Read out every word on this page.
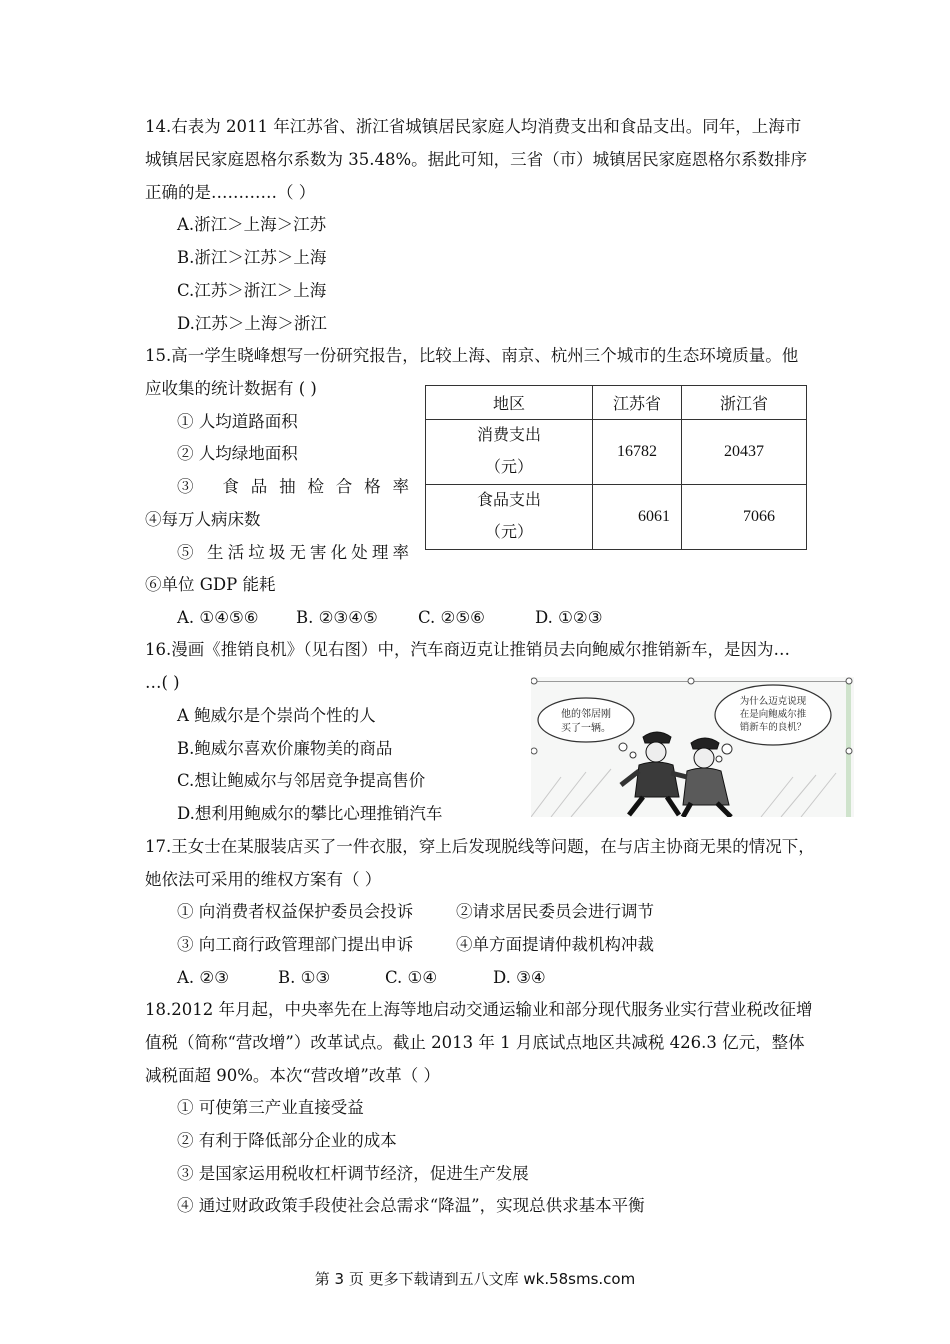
14.右表为 2011 年江苏省、浙江省城镇居民家庭人均消费支出和食品支出。同年，上海市
城镇居民家庭恩格尔系数为 35.48%。据此可知，三省（市）城镇居民家庭恩格尔系数排序
正确的是…………（ ）
A.浙江＞上海＞江苏
B.浙江＞江苏＞上海
C.江苏＞浙江＞上海
D.江苏＞上海＞浙江
15.高一学生晓峰想写一份研究报告，比较上海、南京、杭州三个城市的生态环境质量。他
应收集的统计数据有 ( )
① 人均道路面积
② 人均绿地面积
③ 食品抽检合格率
④每万人病床数
⑤ 生活垃圾无害化处理率
⑥单位 GDP 能耗
A. ①④⑤⑥ B. ②③④⑤ C. ②⑤⑥	D. ①②③
地区	江苏省	浙江省

消费支出
（元）	16782	20437

食品支出
（元）	6061	7066
16.漫画《推销良机》（见右图）中，汽车商迈克让推销员去向鲍威尔推销新车，是因为…
…( )
A 鲍威尔是个崇尚个性的人
B.鲍威尔喜欢价廉物美的商品
C.想让鲍威尔与邻居竞争提高售价
D.想利用鲍威尔的攀比心理推销汽车
他的邻居刚
买了一辆。
为什么迈克说现
在是向鲍威尔推
销新车的良机？
17.王女士在某服装店买了一件衣服，穿上后发现脱线等问题，在与店主协商无果的情况下，
她依法可采用的维权方案有（ ）
① 向消费者权益保护委员会投诉	②请求居民委员会进行调节
③ 向工商行政管理部门提出申诉	④单方面提请仲裁机构冲裁
A. ②③	B. ①③	C. ①④	D. ③④
18.2012 年月起，中央率先在上海等地启动交通运输业和部分现代服务业实行营业税改征增
值税（简称“营改增”）改革试点。截止 2013 年 1 月底试点地区共减税 426.3 亿元，整体
减税面超 90%。本次“营改增”改革（ ）
① 可使第三产业直接受益
② 有利于降低部分企业的成本
③ 是国家运用税收杠杆调节经济，促进生产发展
④ 通过财政政策手段使社会总需求“降温”，实现总供求基本平衡
第 3 页 更多下载请到五八文库 wk.58sms.com
